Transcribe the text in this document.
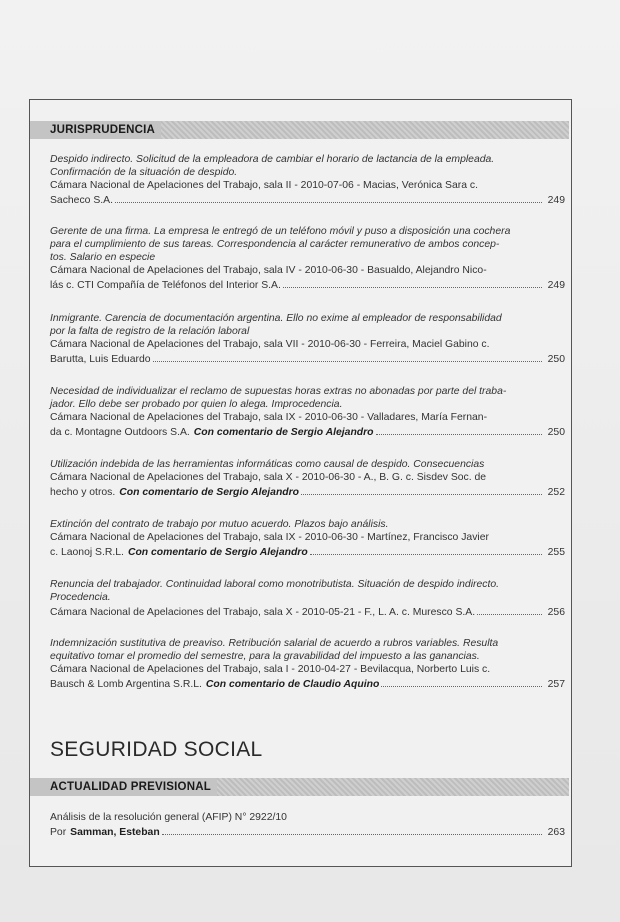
JURISPRUDENCIA
Despido indirecto. Solicitud de la empleadora de cambiar el horario de lactancia de la empleada.
Confirmación de la situación de despido.
Cámara Nacional de Apelaciones del Trabajo, sala II - 2010-07-06 - Macias, Verónica Sara c.
Sacheco S.A.	249
Gerente de una firma. La empresa le entregó de un teléfono móvil y puso a disposición una cochera
para el cumplimiento de sus tareas. Correspondencia al carácter remunerativo de ambos concep-
tos. Salario en especie
Cámara Nacional de Apelaciones del Trabajo, sala IV - 2010-06-30 - Basualdo, Alejandro Nico-
lás c. CTI Compañía de Teléfonos del Interior S.A.	249
Inmigrante. Carencia de documentación argentina. Ello no exime al empleador de responsabilidad
por la falta de registro de la relación laboral
Cámara Nacional de Apelaciones del Trabajo, sala VII - 2010-06-30 - Ferreira, Maciel Gabino c.
Barutta, Luis Eduardo	250
Necesidad de individualizar el reclamo de supuestas horas extras no abonadas por parte del traba-
jador. Ello debe ser probado por quien lo alega. Improcedencia.
Cámara Nacional de Apelaciones del Trabajo, sala IX - 2010-06-30 - Valladares, María Fernan-
da c. Montagne Outdoors S.A. Con comentario de Sergio Alejandro	250
Utilización indebida de las herramientas informáticas como causal de despido. Consecuencias
Cámara Nacional de Apelaciones del Trabajo, sala X - 2010-06-30 - A., B. G. c. Sisdev Soc. de
hecho y otros. Con comentario de Sergio Alejandro	252
Extinción del contrato de trabajo por mutuo acuerdo. Plazos bajo análisis.
Cámara Nacional de Apelaciones del Trabajo, sala IX - 2010-06-30 - Martínez, Francisco Javier
c. Laonoj S.R.L. Con comentario de Sergio Alejandro	255
Renuncia del trabajador. Continuidad laboral como monotributista. Situación de despido indirecto.
Procedencia.
Cámara Nacional de Apelaciones del Trabajo, sala X - 2010-05-21 - F., L. A. c. Muresco S.A.	256
Indemnización sustitutiva de preaviso. Retribución salarial de acuerdo a rubros variables. Resulta
equitativo tomar el promedio del semestre, para la gravabilidad del impuesto a las ganancias.
Cámara Nacional de Apelaciones del Trabajo, sala I - 2010-04-27 - Bevilacqua, Norberto Luis c.
Bausch & Lomb Argentina S.R.L. Con comentario de Claudio Aquino	257
SEGURIDAD SOCIAL
ACTUALIDAD PREVISIONAL
Análisis de la resolución general (AFIP) N° 2922/10
Por Samman, Esteban	263
